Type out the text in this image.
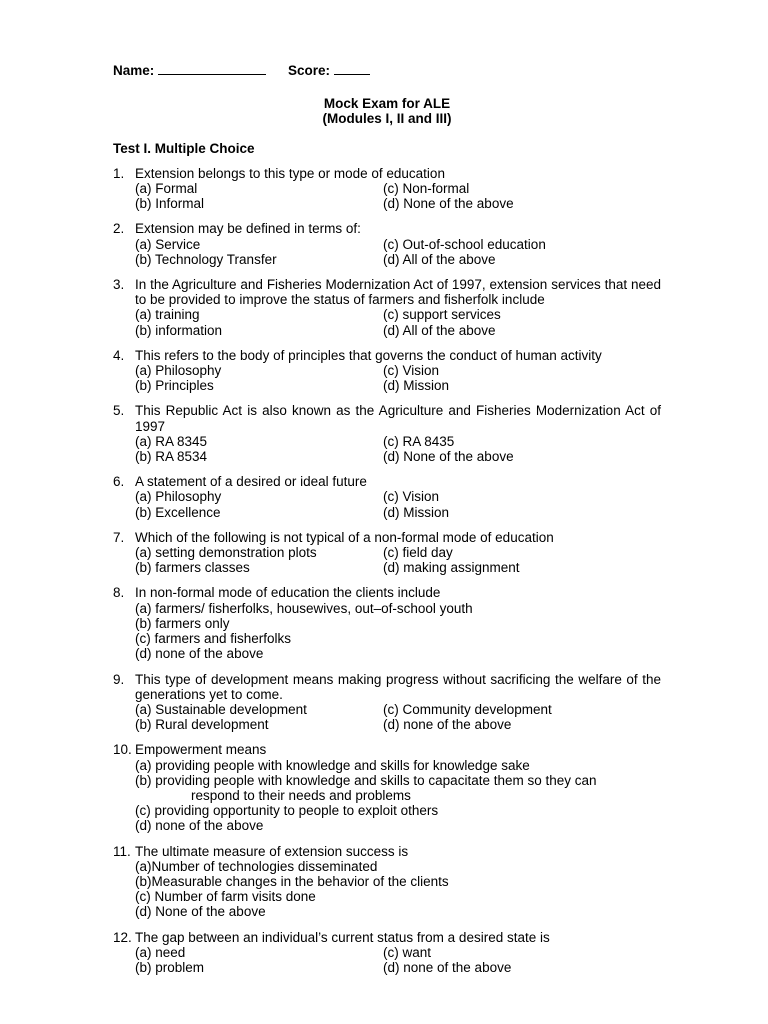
Name:	Score:
Mock Exam for ALE
(Modules I, II and III)
Test I. Multiple Choice
1. Extension belongs to this type or mode of education
(a) Formal	(c) Non-formal
(b) Informal	(d) None of the above
2. Extension may be defined in terms of:
(a) Service	(c) Out-of-school education
(b) Technology Transfer	(d) All of the above
3. In the Agriculture and Fisheries Modernization Act of 1997, extension services that need to be provided to improve the status of farmers and fisherfolk include
(a) training	(c) support services
(b) information	(d) All of the above
4. This refers to the body of principles that governs the conduct of human activity
(a) Philosophy	(c) Vision
(b) Principles	(d) Mission
5. This Republic Act is also known as the Agriculture and Fisheries Modernization Act of 1997
(a) RA 8345	(c) RA 8435
(b) RA 8534	(d) None of the above
6. A statement of a desired or ideal future
(a) Philosophy	(c) Vision
(b) Excellence	(d) Mission
7. Which of the following is not typical of a non-formal mode of education
(a) setting demonstration plots	(c) field day
(b) farmers classes	(d) making assignment
8. In non-formal mode of education the clients include
(a) farmers/ fisherfolks, housewives, out–of-school youth
(b) farmers only
(c) farmers and fisherfolks
(d) none of the above
9. This type of development means making progress without sacrificing the welfare of the generations yet to come.
(a) Sustainable development	(c) Community development
(b) Rural development	(d) none of the above
10. Empowerment means
(a) providing people with knowledge and skills for knowledge sake
(b) providing people with knowledge and skills to capacitate them so they can
respond to their needs and problems
(c) providing opportunity to people to exploit others
(d) none of the above
11. The ultimate measure of extension success is
(a)Number of technologies disseminated
(b)Measurable changes in the behavior of the clients
(c) Number of farm visits done
(d) None of the above
12. The gap between an individual’s current status from a desired state is
(a) need	(c) want
(b) problem	(d) none of the above
